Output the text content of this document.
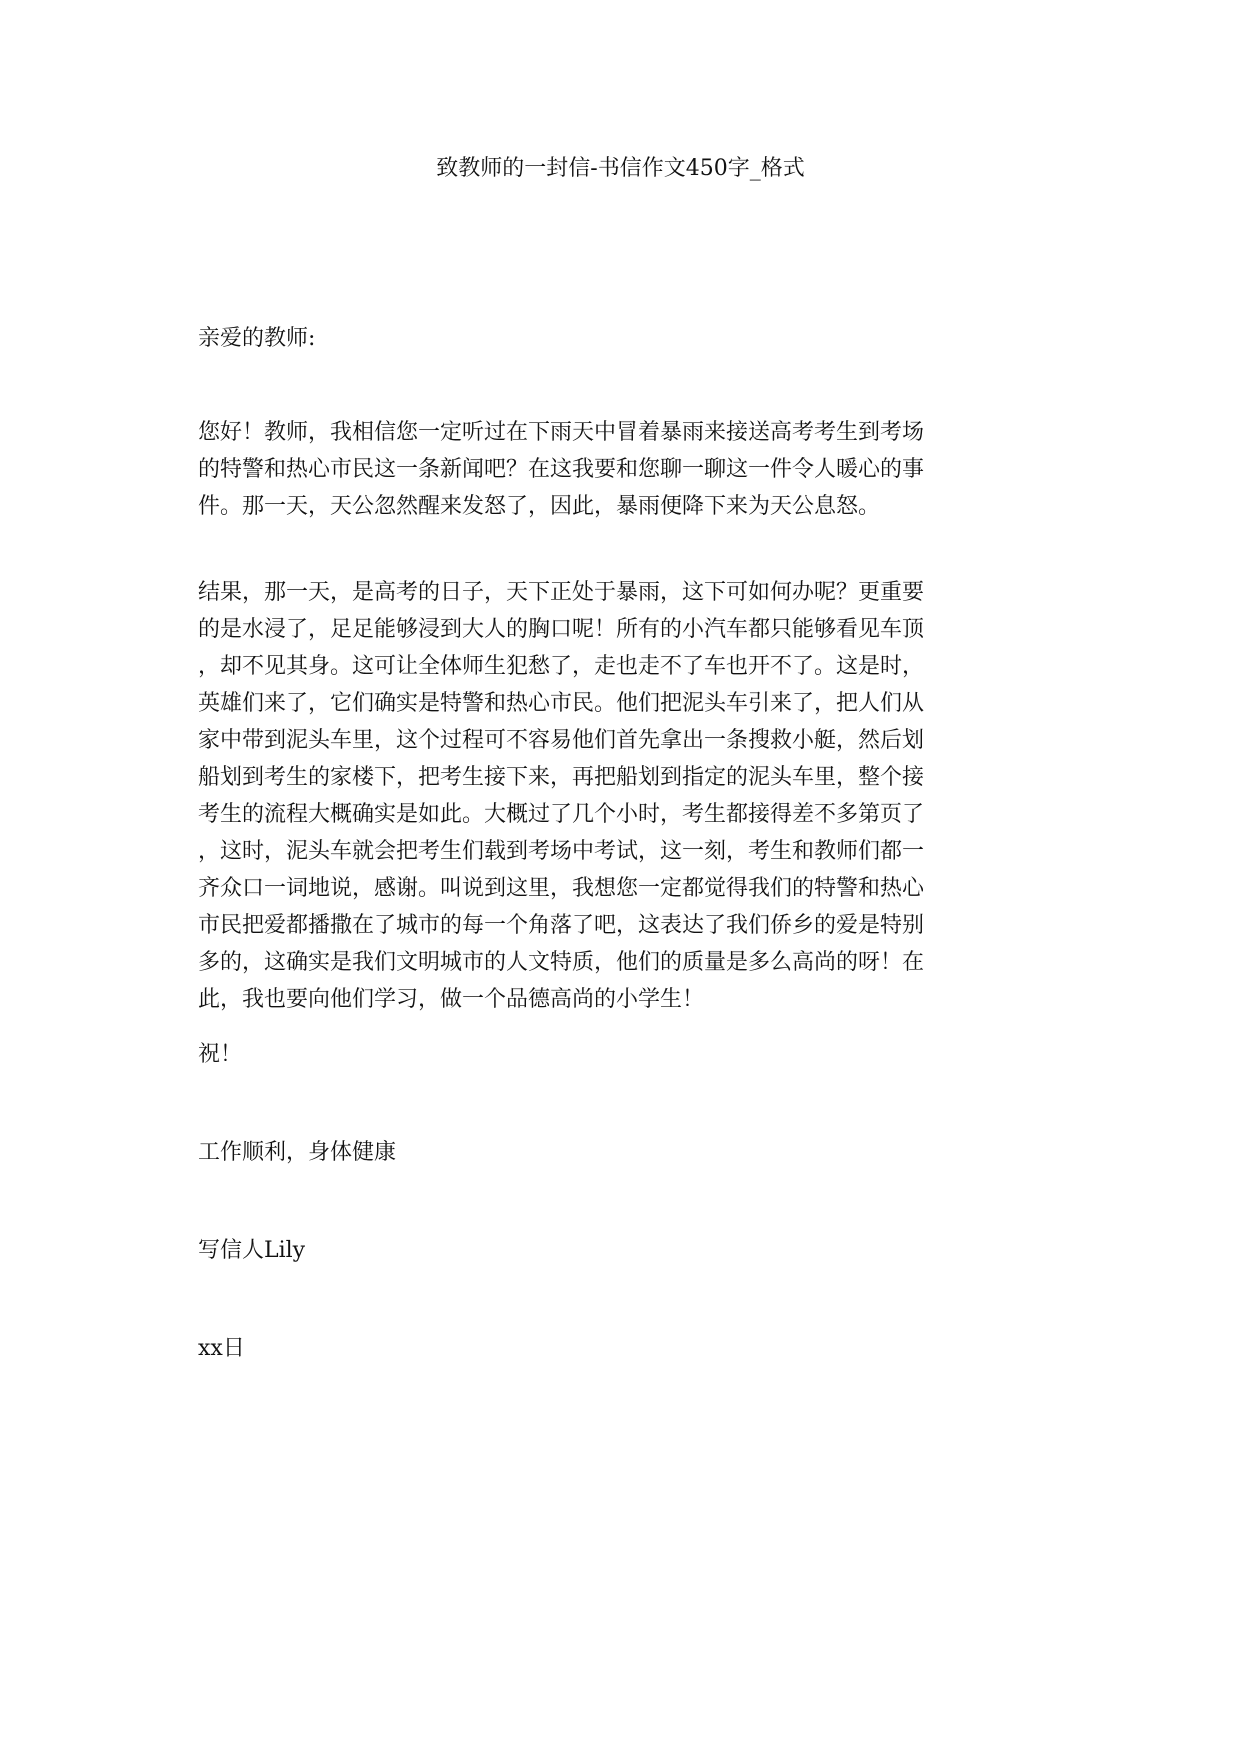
致教师的一封信-书信作文450字_格式
亲爱的教师:
您好！教师，我相信您一定听过在下雨天中冒着暴雨来接送高考考生到考场
的特警和热心市民这一条新闻吧？在这我要和您聊一聊这一件令人暖心的事
件。那一天，天公忽然醒来发怒了，因此，暴雨便降下来为天公息怒。
结果，那一天，是高考的日子，天下正处于暴雨，这下可如何办呢？更重要
的是水浸了，足足能够浸到大人的胸口呢！所有的小汽车都只能够看见车顶
，却不见其身。这可让全体师生犯愁了，走也走不了车也开不了。这是时，
英雄们来了，它们确实是特警和热心市民。他们把泥头车引来了，把人们从
家中带到泥头车里，这个过程可不容易他们首先拿出一条搜救小艇，然后划
船划到考生的家楼下，把考生接下来，再把船划到指定的泥头车里，整个接
考生的流程大概确实是如此。大概过了几个小时，考生都接得差不多第页了
，这时，泥头车就会把考生们载到考场中考试，这一刻，考生和教师们都一
齐众口一词地说，感谢。叫说到这里，我想您一定都觉得我们的特警和热心
市民把爱都播撒在了城市的每一个角落了吧，这表达了我们侨乡的爱是特别
多的，这确实是我们文明城市的人文特质，他们的质量是多么高尚的呀！在
此，我也要向他们学习，做一个品德高尚的小学生！
祝！
工作顺利，身体健康
写信人Lily
xx日
